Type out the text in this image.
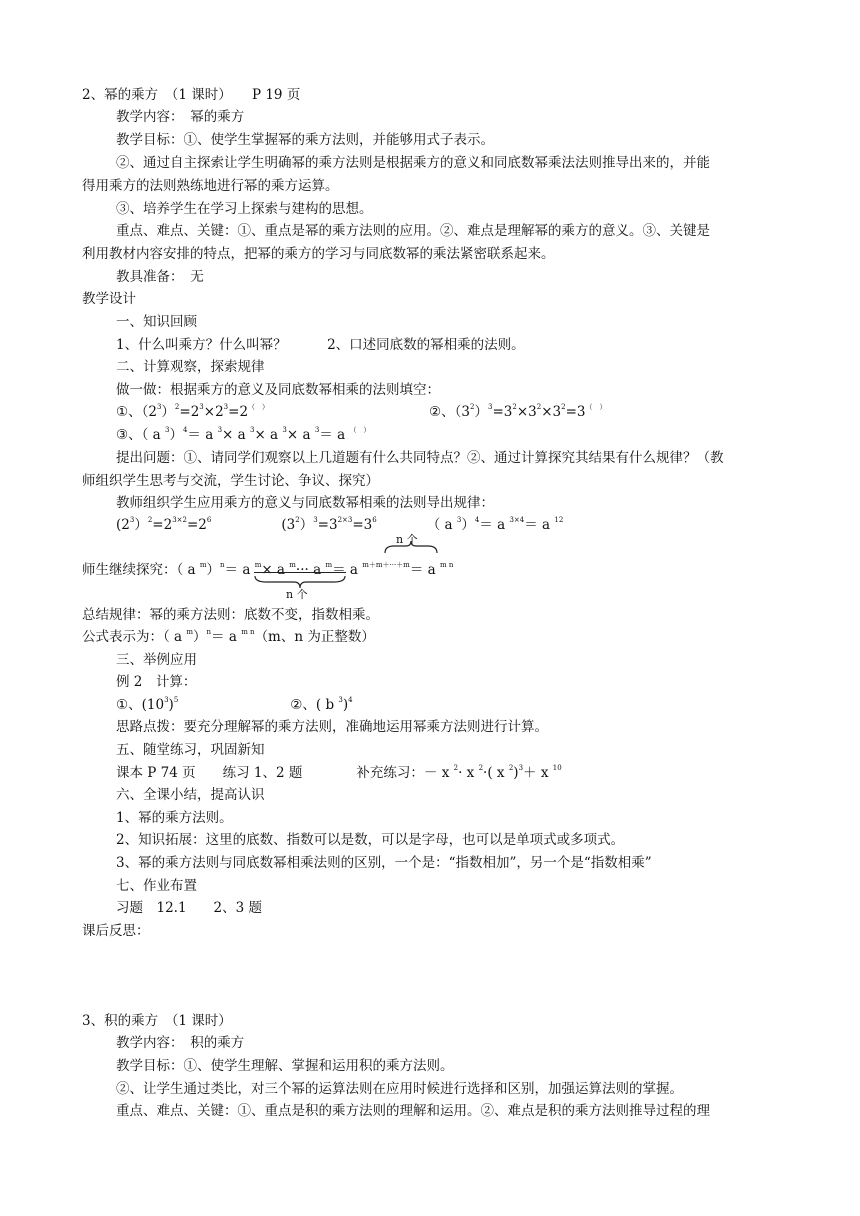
2、幂的乘方　（1 课时）　　P 19 页
教学内容：　幂的乘方
教学目标：①、使学生掌握幂的乘方法则，并能够用式子表示。
②、通过自主探索让学生明确幂的乘方法则是根据乘方的意义和同底数幂乘法法则推导出来的，并能
得用乘方的法则熟练地进行幂的乘方运算。
③、培养学生在学习上探索与建构的思想。
重点、难点、关键：①、重点是幂的乘方法则的应用。②、难点是理解幂的乘方的意义。③、关键是
利用教材内容安排的特点，把幂的乘方的学习与同底数幂的乘法紧密联系起来。
教具准备：　无
教学设计
一、知识回顾
1、什么叫乘方？什么叫幂？　　　2、口述同底数的幂相乘的法则。
二、计算观察，探索规律
做一做：根据乘方的意义及同底数幂相乘的法则填空：
①、$(2^3)^2=2^3\times 2^3=2^{( )}$	②、$(3^2)^3=3^2\times 3^2\times 3^2=3^{( )}$
③、（ a $^3$）$^4$＝ a $^3$× a $^3$× a $^3$× a $^3$＝ a （　）
提出问题：①、请同学们观察以上几道题有什么共同特点？②、通过计算探究其结果有什么规律？（教
师组织学生思考与交流，学生讨论、争议、探究）
教师组织学生应用乘方的意义与同底数幂相乘的法则导出规律：
$(2^3)^2=2^{3\times 2}=2^6$	$(3^2)^3=3^{2\times 3}=3^6$	（ a $^3$）$^4$＝ a $^{3\times 4}$＝ a $^{12}$
n 个
师生继续探究：（ a $^m$）$^n$＝ a $^m$× a $^m$··· a $^m$＝ a $^{m+m+\cdot\cdot\cdot+m}$＝ a $^{m n}$
n 个
总结规律：幂的乘方法则：底数不变，指数相乘。
公式表示为：（ a $^m$）$^n$＝ a $^{m n}$（m、n 为正整数）
三、举例应用
例 2　计算：
①、$(10^3)^5$	②、( b $^3$)$^4$
思路点拨：要充分理解幂的乘方法则，准确地运用幂乘方法则进行计算。
五、随堂练习，巩固新知
课本 P 74 页　　练习 1、2 题	补充练习：－ x $^2$· x $^2$·( x $^2$)$^3$＋ x $^{10}$
六、全课小结，提高认识
1、幂的乘方法则。
2、知识拓展：这里的底数、指数可以是数，可以是字母，也可以是单项式或多项式。
3、幂的乘方法则与同底数幂相乘法则的区别，一个是：“指数相加”，另一个是“指数相乘”
七、作业布置
习题　12.1　　2、3 题
课后反思：
3、积的乘方　（1 课时）
教学内容：　积的乘方
教学目标：①、使学生理解、掌握和运用积的乘方法则。
②、让学生通过类比，对三个幂的运算法则在应用时候进行选择和区别，加强运算法则的掌握。
重点、难点、关键：①、重点是积的乘方法则的理解和运用。②、难点是积的乘方法则推导过程的理
